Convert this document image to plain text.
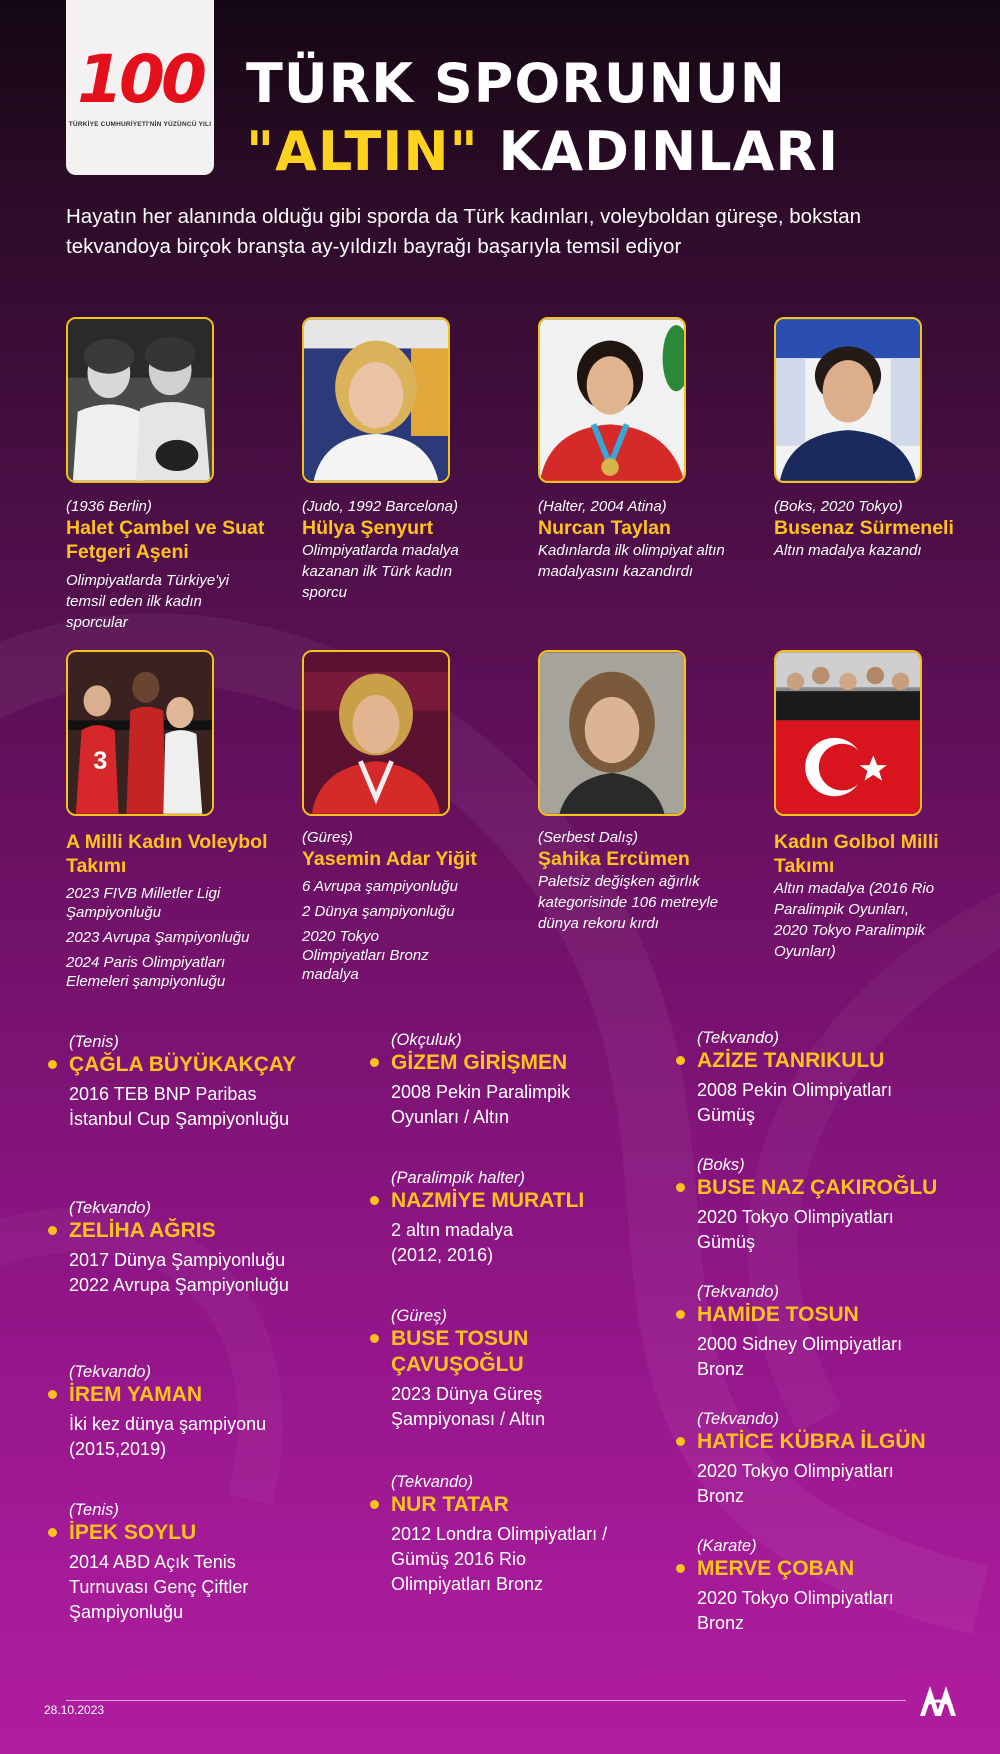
100
TÜRKİYE CUMHURİYETİ'NİN YÜZÜNCÜ YILI
TÜRK SPORUNUN
"ALTIN" KADINLARI
Hayatın her alanında olduğu gibi sporda da Türk kadınları, voleyboldan güreşe, bokstan tekvandoya birçok branşta ay-yıldızlı bayrağı başarıyla temsil ediyor
(1936 Berlin)
Halet Çambel ve Suat Fetgeri Aşeni
Olimpiyatlarda Türkiye'yi temsil eden ilk kadın sporcular
(Judo, 1992 Barcelona)
Hülya Şenyurt
Olimpiyatlarda madalya kazanan ilk Türk kadın sporcu
(Halter, 2004 Atina)
Nurcan Taylan
Kadınlarda ilk olimpiyat altın madalyasını kazandırdı
(Boks, 2020 Tokyo)
Busenaz Sürmeneli
Altın madalya kazandı
3
A Milli Kadın Voleybol Takımı
2023 FIVB Milletler Ligi Şampiyonluğu
2023 Avrupa Şampiyonluğu
2024 Paris Olimpiyatları Elemeleri şampiyonluğu
(Güreş)
Yasemin Adar Yiğit
6 Avrupa şampiyonluğu
2 Dünya şampiyonluğu
2020 Tokyo Olimpiyatları Bronz madalya
(Serbest Dalış)
Şahika Ercümen
Paletsiz değişken ağırlık kategorisinde 106 metreyle dünya rekoru kırdı
Kadın Golbol Milli Takımı
Altın madalya (2016 Rio Paralimpik Oyunları, 2020 Tokyo Paralimpik Oyunları)
(Tenis)
ÇAĞLA BÜYÜKAKÇAY
2016 TEB BNP Paribas İstanbul Cup Şampiyonluğu
(Tekvando)
ZELİHA AĞRIS
2017 Dünya Şampiyonluğu 2022 Avrupa Şampiyonluğu
(Tekvando)
İREM YAMAN
İki kez dünya şampiyonu (2015,2019)
(Tenis)
İPEK SOYLU
2014 ABD Açık Tenis Turnuvası Genç Çiftler Şampiyonluğu
(Okçuluk)
GİZEM GİRİŞMEN
2008 Pekin Paralimpik Oyunları / Altın
(Paralimpik halter)
NAZMİYE MURATLI
2 altın madalya (2012, 2016)
(Güreş)
BUSE TOSUN ÇAVUŞOĞLU
2023 Dünya Güreş Şampiyonası / Altın
(Tekvando)
NUR TATAR
2012 Londra Olimpiyatları / Gümüş 2016 Rio Olimpiyatları Bronz
(Tekvando)
AZİZE TANRIKULU
2008 Pekin Olimpiyatları Gümüş
(Boks)
BUSE NAZ ÇAKIROĞLU
2020 Tokyo Olimpiyatları Gümüş
(Tekvando)
HAMİDE TOSUN
2000 Sidney Olimpiyatları Bronz
(Tekvando)
HATİCE KÜBRA İLGÜN
2020 Tokyo Olimpiyatları Bronz
(Karate)
MERVE ÇOBAN
2020 Tokyo Olimpiyatları Bronz
28.10.2023
